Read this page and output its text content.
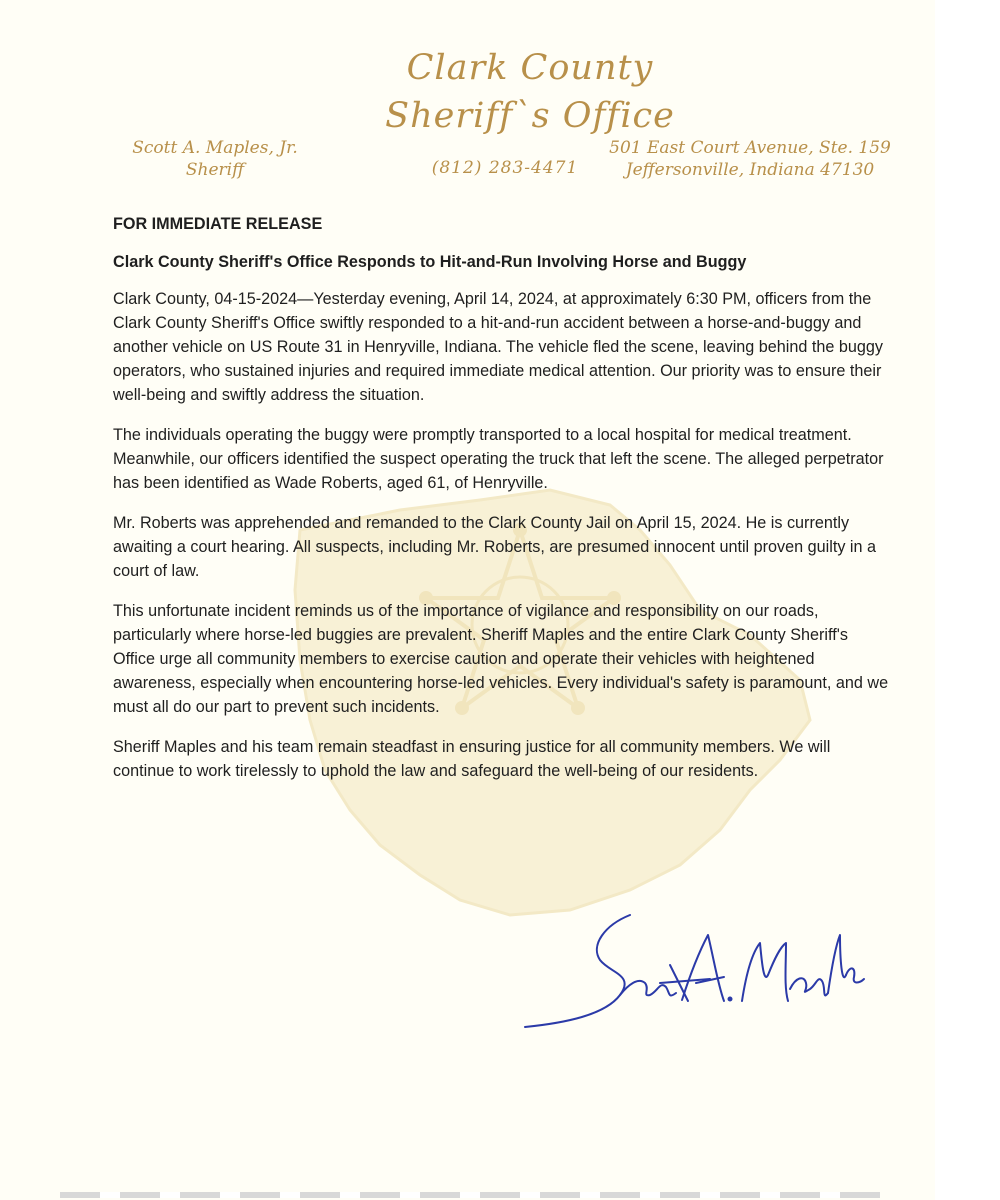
Clark County
Sheriff`s Office
(812) 283-4471
Scott A. Maples, Jr.
Sheriff
501 East Court Avenue, Ste. 159
Jeffersonville, Indiana 47130
FOR IMMEDIATE RELEASE
Clark County Sheriff's Office Responds to Hit-and-Run Involving Horse and Buggy

Clark County, 04-15-2024—Yesterday evening, April 14, 2024, at approximately 6:30 PM, officers from the Clark County Sheriff's Office swiftly responded to a hit-and-run accident between a horse-and-buggy and another vehicle on US Route 31 in Henryville, Indiana. The vehicle fled the scene, leaving behind the buggy operators, who sustained injuries and required immediate medical attention. Our priority was to ensure their well-being and swiftly address the situation.

The individuals operating the buggy were promptly transported to a local hospital for medical treatment. Meanwhile, our officers identified the suspect operating the truck that left the scene. The alleged perpetrator has been identified as Wade Roberts, aged 61, of Henryville.

Mr. Roberts was apprehended and remanded to the Clark County Jail on April 15, 2024. He is currently awaiting a court hearing. All suspects, including Mr. Roberts, are presumed innocent until proven guilty in a court of law.

This unfortunate incident reminds us of the importance of vigilance and responsibility on our roads, particularly where horse-led buggies are prevalent. Sheriff Maples and the entire Clark County Sheriff's Office urge all community members to exercise caution and operate their vehicles with heightened awareness, especially when encountering horse-led vehicles. Every individual's safety is paramount, and we must all do our part to prevent such incidents.

Sheriff Maples and his team remain steadfast in ensuring justice for all community members. We will continue to work tirelessly to uphold the law and safeguard the well-being of our residents.
